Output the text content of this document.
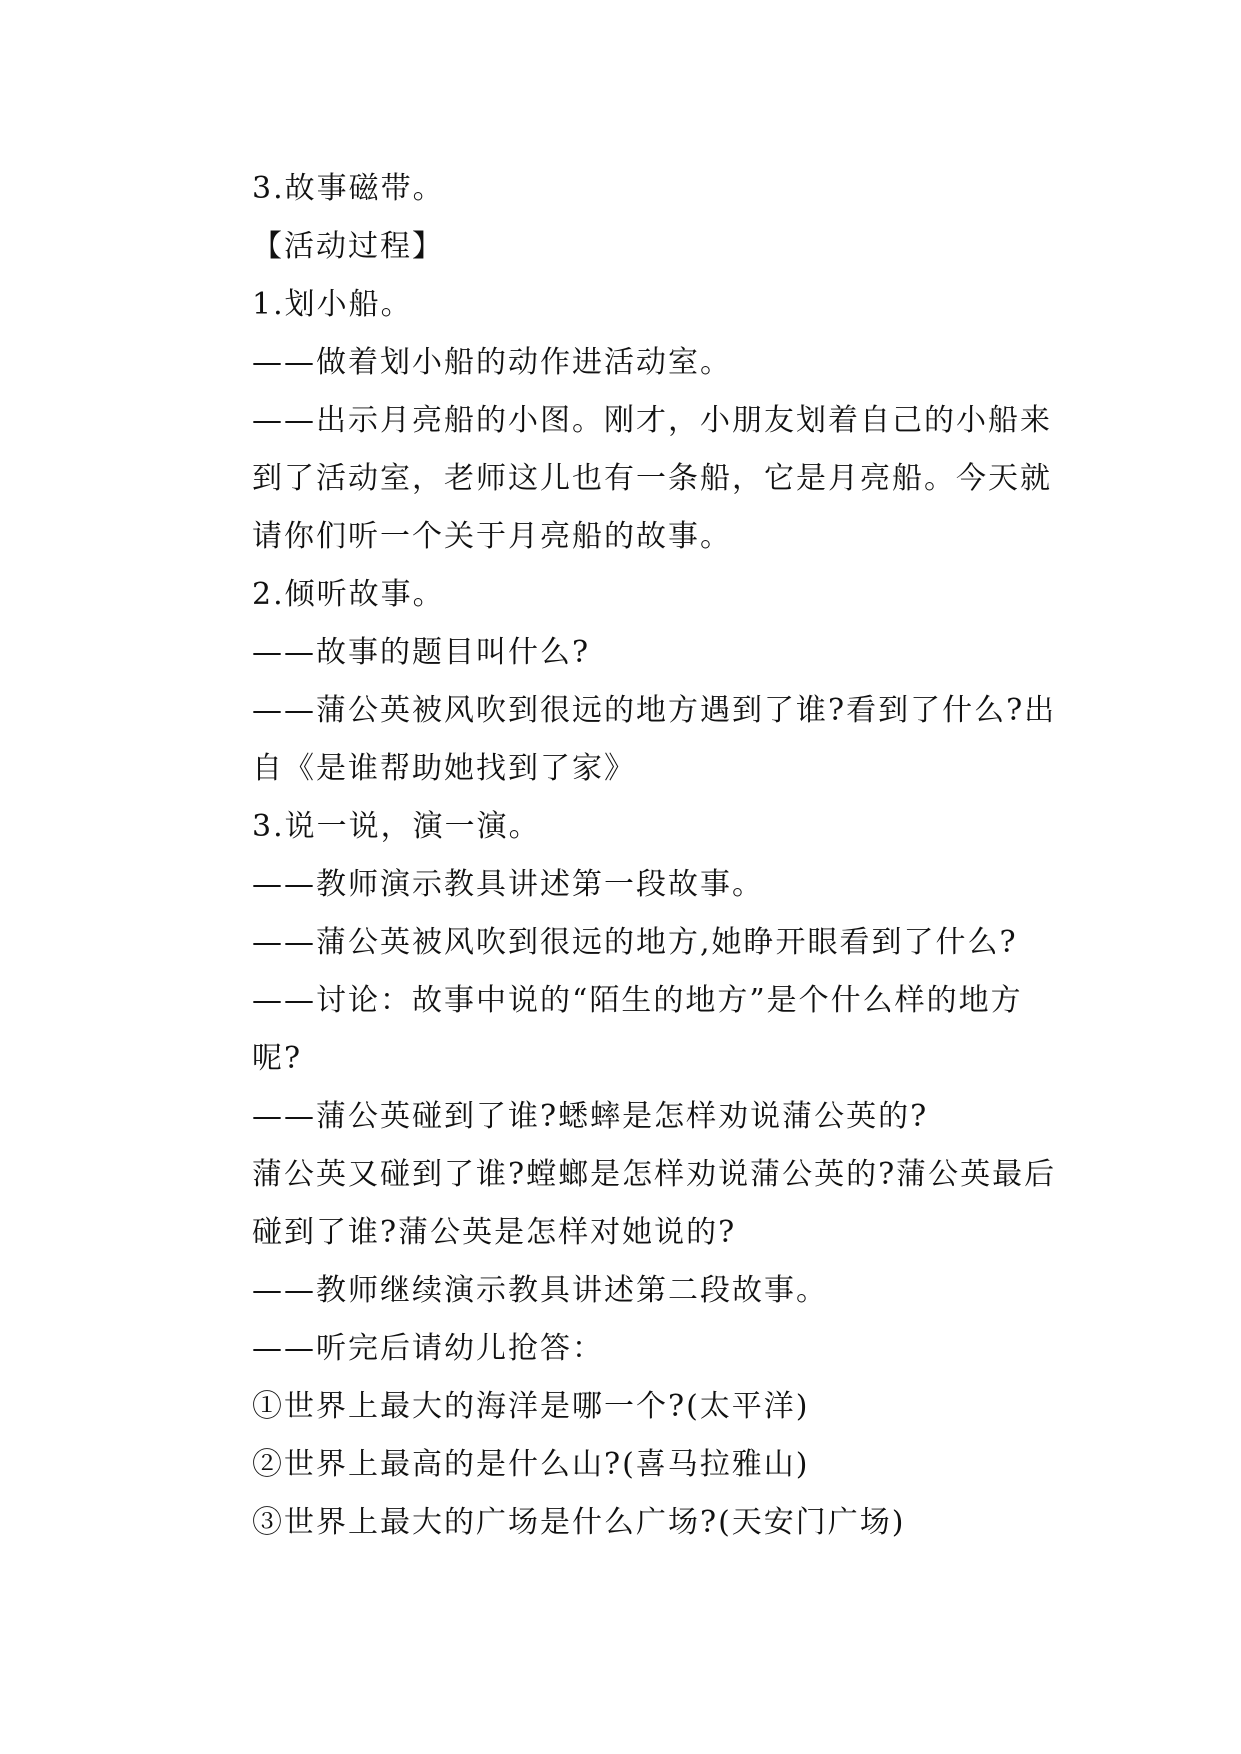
3.故事磁带。

【活动过程】

1.划小船。

——做着划小船的动作进活动室。

——出示月亮船的小图。刚才，小朋友划着自己的小船来到了活动室，老师这儿也有一条船，它是月亮船。今天就请你们听一个关于月亮船的故事。

2.倾听故事。

——故事的题目叫什么?

——蒲公英被风吹到很远的地方遇到了谁?看到了什么?出自《是谁帮助她找到了家》

3.说一说，演一演。

——教师演示教具讲述第一段故事。

——蒲公英被风吹到很远的地方,她睁开眼看到了什么?

——讨论：故事中说的“陌生的地方”是个什么样的地方呢?

——蒲公英碰到了谁?蟋蟀是怎样劝说蒲公英的?

蒲公英又碰到了谁?螳螂是怎样劝说蒲公英的?蒲公英最后碰到了谁?蒲公英是怎样对她说的?

——教师继续演示教具讲述第二段故事。

——听完后请幼儿抢答：

①世界上最大的海洋是哪一个?(太平洋)

②世界上最高的是什么山?(喜马拉雅山)

③世界上最大的广场是什么广场?(天安门广场)
